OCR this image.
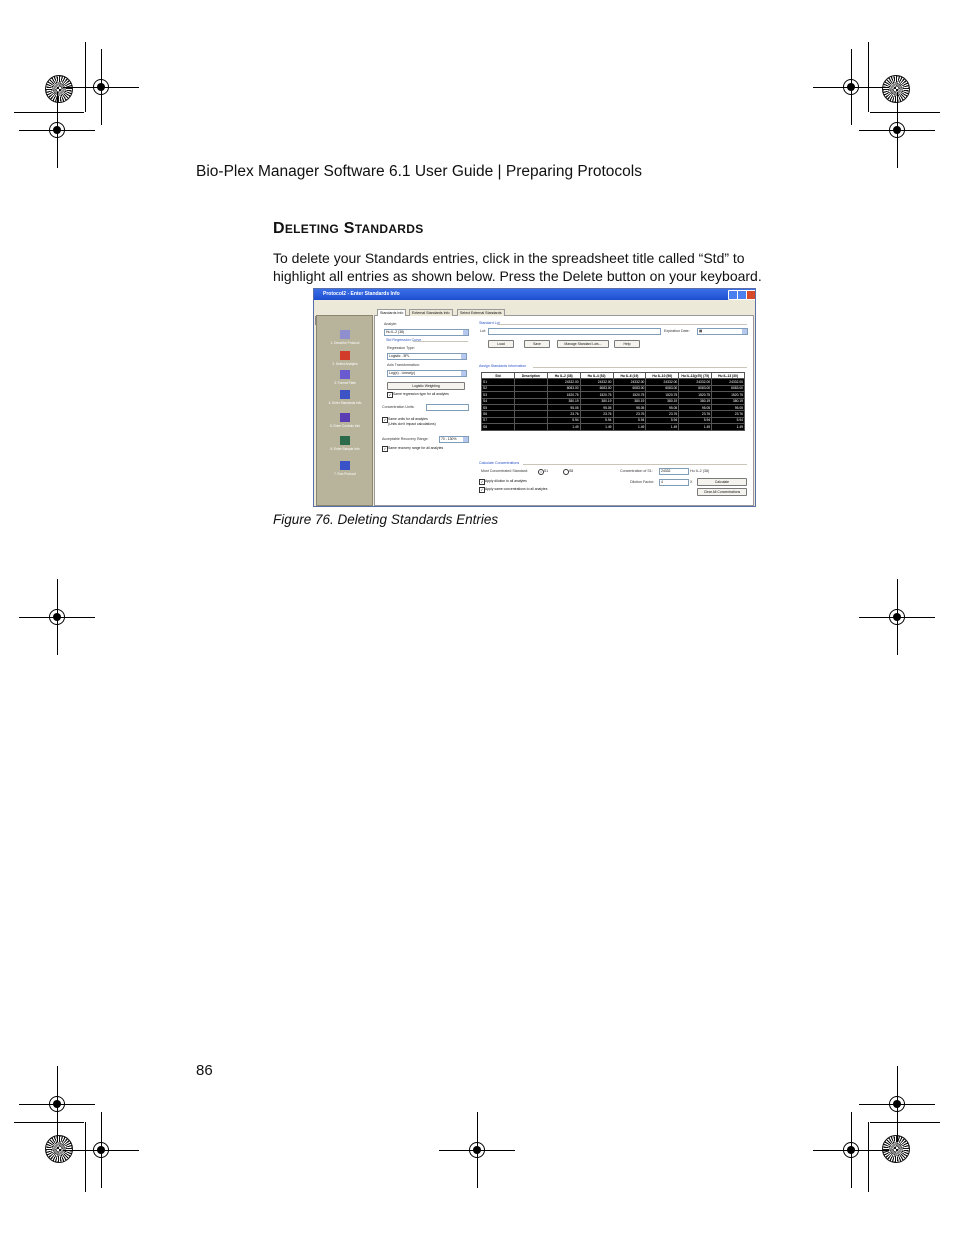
Bio-Plex Manager Software 6.1 User Guide | Preparing Protocols
DELETING STANDARDS
To delete your Standards entries, click in the spreadsheet title called “Std” to highlight all entries as shown below. Press the Delete button on your keyboard.
Protocol2 - Enter Standards Info
1. Describe Protocol
2. Select Analytes
3. Format Plate
4. Enter Standards Info
5. Enter Controls Info
6. Enter Sample Info
7. Run Protocol
Standards Info	External Standards Info	Select External Standards
Analyte:
Hu IL-2 (38)
Std Regression Curve
Regression Type:
Logistic - 5PL
Axis Transformation:
Log(x) - Linear(y)
Logistic Weighting
✓ Same regression type for all analytes
Concentration Units:
✓ Same units for all analytes
(Units don't impact calculations)
Acceptable Recovery Range:	70 - 130%
✓ Same recovery range for all analytes
Standard Lot
Lot:	Expiration Date:	▦
Load	Save	Manage Standard Lots...	Help
Assign Standards Information
Std	Description	Hu IL-2 (38)	Hu IL-4 (52)	Hu IL-6 (19)	Hu IL-10 (56)	Hu IL-12(p70) (75)	Hu IL-13 (30)
S1		24332.00	24332.00	24332.00	24332.00	24332.00	24332.00
S2		6083.00	6083.00	6083.00	6083.00	6083.00	6083.00
S3		1520.75	1520.75	1520.75	1520.75	1520.75	1520.75
S4		380.19	380.19	380.19	380.19	380.19	380.19
S5		95.05	95.05	95.05	95.05	95.05	95.05
S6		23.76	23.76	23.76	23.76	23.76	23.76
S7		5.94	5.94	5.94	5.94	5.94	5.94
S8		1.49	1.49	1.49	1.49	1.49	1.49
Calculate Concentrations
Most Concentrated Standard:	• S1	S8	Concentration of S1:	24332	Hu IL-2 (38)
✓ Apply dilution to all analytes	Dilution Factor:	4	X	Calculate
✓ Apply same concentrations to all analytes
Clear All Concentrations
Figure 76. Deleting Standards Entries
86
